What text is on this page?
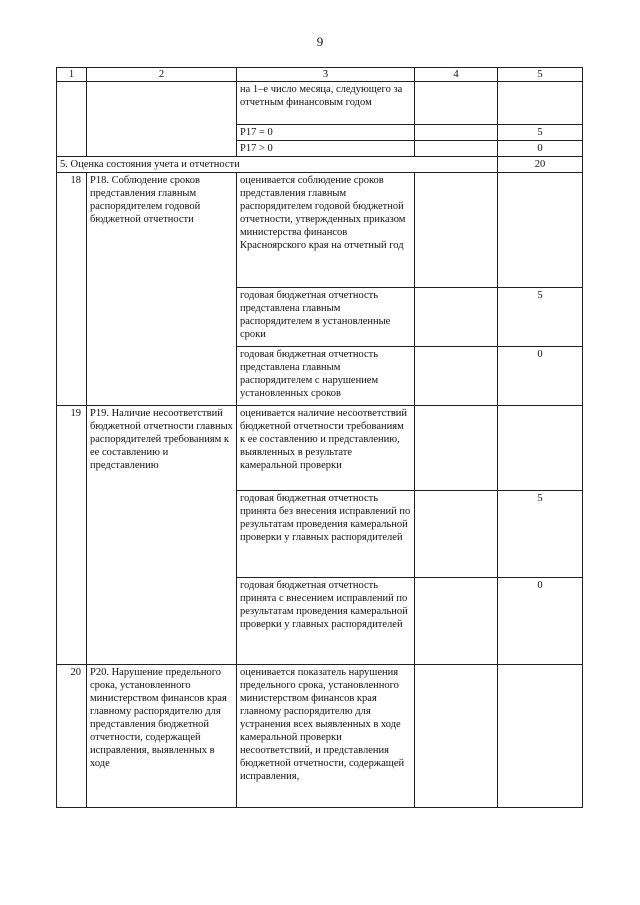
9
1	2	3	4	5
		на 1–е число месяца, следующего за отчетным финансовым годом		
		P17 = 0		5
		P17 > 0		0
5. Оценка состояния учета и отчетности				20
18	P18. Соблюдение сроков представления главным распорядителем годовой бюджетной отчетности	оценивается соблюдение сроков представления главным распорядителем годовой бюджетной отчетности, утвержденных приказом министерства финансов Красноярского края на отчетный год		
		годовая бюджетная отчетность представлена главным распорядителем в установленные сроки		5
		годовая бюджетная отчетность представлена главным распорядителем с нарушением установленных сроков		0
19	P19. Наличие несоответствий бюджетной отчетности главных распорядителей требованиям к ее составлению и представлению	оценивается наличие несоответствий бюджетной отчетности требованиям к ее составлению и представлению, выявленных в результате камеральной проверки		
		годовая бюджетная отчетность принята без внесения исправлений по результатам проведения камеральной проверки у главных распорядителей		5
		годовая бюджетная отчетность принята с внесением исправлений по результатам проведения камеральной проверки у главных распорядителей		0
20	P20. Нарушение предельного срока, установленного министерством финансов края главному распорядителю для представления бюджетной отчетности, содержащей исправления, выявленных в ходе	оценивается показатель нарушения предельного срока, установленного министерством финансов края главному распорядителю для устранения всех выявленных в ходе камеральной проверки несоответствий, и представления бюджетной отчетности, содержащей исправления,		
